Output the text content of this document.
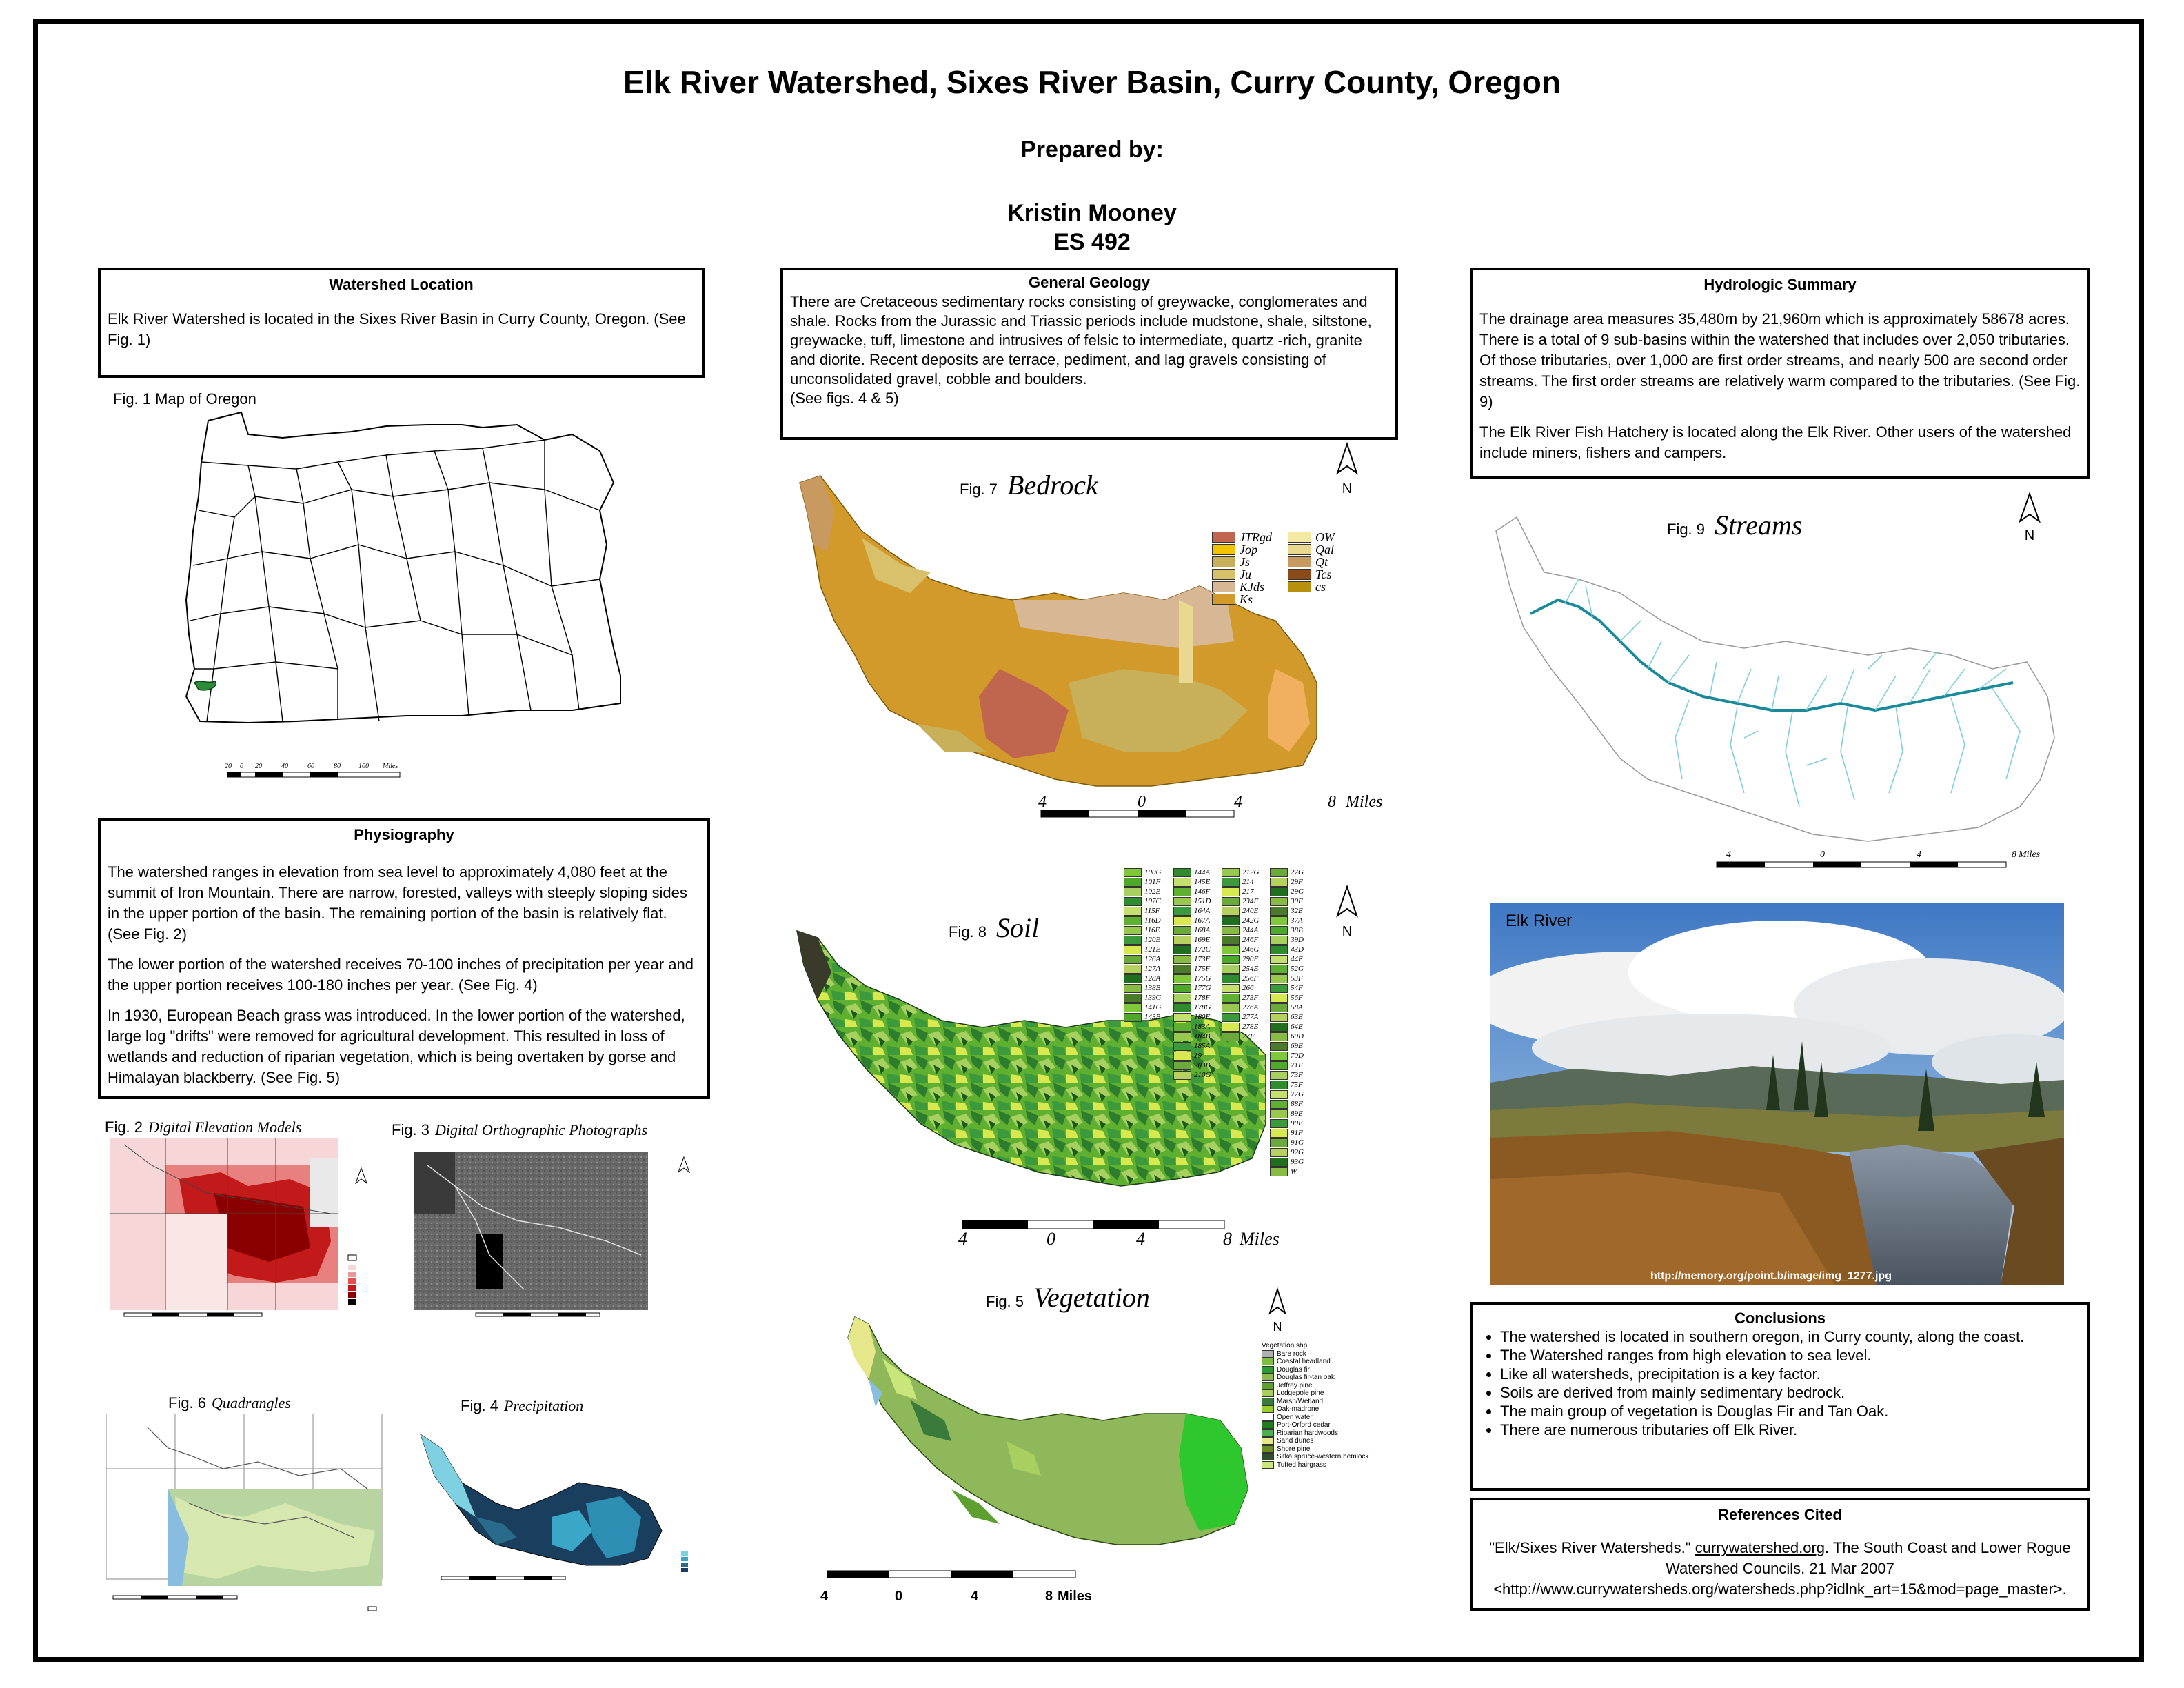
Elk River Watershed, Sixes River Basin, Curry County, Oregon
Prepared by:
Kristin Mooney
ES 492
Watershed Location

Elk River Watershed is located in the Sixes River Basin in Curry County, Oregon. (See Fig. 1)

Fig. 1 Map of Oregon
20 0 20	40	60	80	100 Miles
Physiography

The watershed ranges in elevation from sea level to approximately 4,080 feet at the summit of Iron Mountain. There are narrow, forested, valleys with steeply sloping sides in the upper portion of the basin. The remaining portion of the basin is relatively flat. (See Fig. 2)

The lower portion of the watershed receives 70-100 inches of precipitation per year and the upper portion receives 100-180 inches per year. (See Fig. 4)

In 1930, European Beach grass was introduced. In the lower portion of the watershed, large log "drifts" were removed for agricultural development. This resulted in loss of wetlands and reduction of riparian vegetation, which is being overtaken by gorse and Himalayan blackberry. (See Fig. 5)

Fig. 2 Digital Elevation Models	Fig. 3 Digital Orthographic Photographs
Fig. 6 Quadrangles	Fig. 4 Precipitation
General Geology
There are Cretaceous sedimentary rocks consisting of greywacke, conglomerates and shale. Rocks from the Jurassic and Triassic periods include mudstone, shale, siltstone, greywacke, tuff, limestone and intrusives of felsic to intermediate, quartz -rich, granite and diorite. Recent deposits are terrace, pediment, and lag gravels consisting of unconsolidated gravel, cobble and boulders.
(See figs. 4 & 5)
Fig. 7 Bedrock	N
JTRgd
Jop
Js
Ju
KJds
Ks
OW
Qal
Qt
Tcs
cs
4	0	4	8 Miles
Fig. 8 Soil	N
100G
101F
102E
107C
115F
116D
116E
120E
121E
126A
127A
128A
138B
139G
141G
143B
144A
145E
146F
151D
164A
167A
168A
169E
172C
173F
175F
175G
177G
178F
178G
180F
183A
184B
185A
19
203B
210G
212G
214
217
234F
240E
242G
244A
246F
246G
290F
254E
256F
266
273F
276A
277A
278E
27F
27G
29F
29G
30F
32E
37A
38B
39D
43D
44E
52G
53F
54F
56F
58A
63E
64E
69D
69E
70D
71F
73F
75F
77G
88F
89E
90E
91F
91G
92G
93G
W
4	0	4	8 Miles
Fig. 5 Vegetation
N
Vegetation.shp
Bare rock
Coastal headland
Douglas fir
Douglas fir-tan oak
Jeffrey pine
Lodgepole pine
Marsh/Wetland
Oak-madrone
Open water
Port-Orford cedar
Riparian hardwoods
Sand dunes
Shore pine
Sitka spruce-western hemlock
Tufted hairgrass
4	0	4	8 Miles
Hydrologic Summary

The drainage area measures 35,480m by 21,960m which is approximately 58678 acres. There is a total of 9 sub-basins within the watershed that includes over 2,050 tributaries. Of those tributaries, over 1,000 are first order streams, and nearly 500 are second order streams. The first order streams are relatively warm compared to the tributaries. (See Fig. 9)

The Elk River Fish Hatchery is located along the Elk River. Other users of the watershed include miners, fishers and campers.

Fig. 9 Streams	N
4	0	4	8 Miles
Elk River
http://memory.org/point.b/image/img_1277.jpg
Conclusions
• The watershed is located in southern oregon, in Curry county, along the coast.
• The Watershed ranges from high elevation to sea level.
• Like all watersheds, precipitation is a key factor.
• Soils are derived from mainly sedimentary bedrock.
• The main group of vegetation is Douglas Fir and Tan Oak.
• There are numerous tributaries off Elk River.
References Cited
"Elk/Sixes River Watersheds." currywatershed.org. The South Coast and Lower Rogue Watershed Councils. 21 Mar 2007
<http://www.currywatersheds.org/watersheds.php?idlnk_art=15&mod=page_master>.
